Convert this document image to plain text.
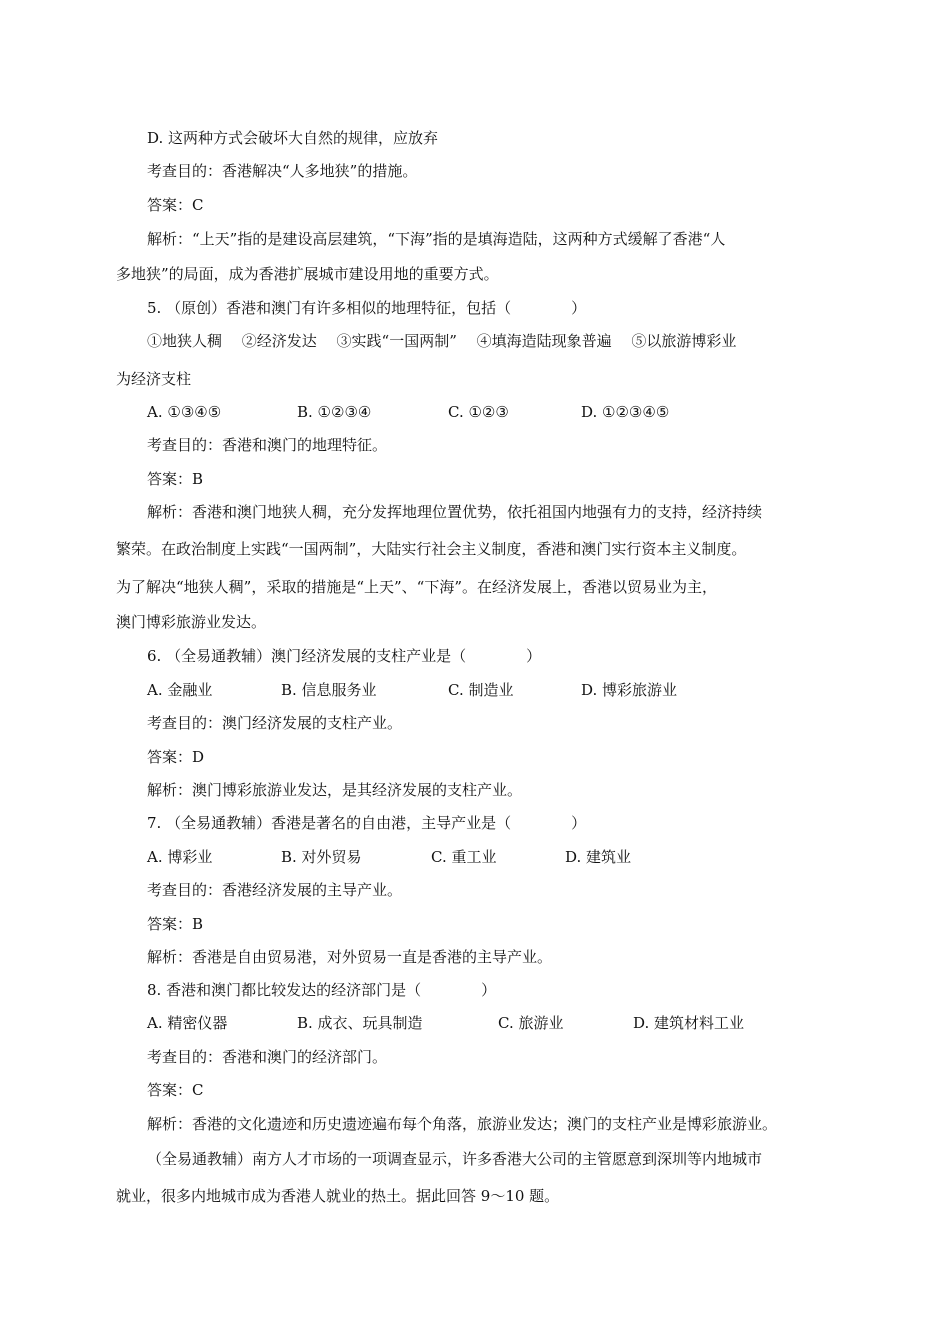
D. 这两种方式会破坏大自然的规律，应放弃
考查目的：香港解决“人多地狭”的措施。
答案：C
解析：“上天”指的是建设高层建筑，“下海”指的是填海造陆，这两种方式缓解了香港“人
多地狭”的局面，成为香港扩展城市建设用地的重要方式。
5. （原创）香港和澳门有许多相似的地理特征，包括（　　　　）
①地狭人稠　 ②经济发达　 ③实践“一国两制”　 ④填海造陆现象普遍　 ⑤以旅游博彩业
为经济支柱
A. ①③④⑤	B. ①②③④	C. ①②③	D. ①②③④⑤
考查目的：香港和澳门的地理特征。
答案：B
解析：香港和澳门地狭人稠，充分发挥地理位置优势，依托祖国内地强有力的支持，经济持续
繁荣。在政治制度上实践“一国两制”，大陆实行社会主义制度，香港和澳门实行资本主义制度。
为了解决“地狭人稠”，采取的措施是“上天”、“下海”。在经济发展上，香港以贸易业为主，
澳门博彩旅游业发达。
6. （全易通教辅）澳门经济发展的支柱产业是（　　　　）
A. 金融业	B. 信息服务业	C. 制造业	D. 博彩旅游业
考查目的：澳门经济发展的支柱产业。
答案：D
解析：澳门博彩旅游业发达，是其经济发展的支柱产业。
7. （全易通教辅）香港是著名的自由港，主导产业是（　　　　）
A. 博彩业	B. 对外贸易	C. 重工业	D. 建筑业
考查目的：香港经济发展的主导产业。
答案：B
解析：香港是自由贸易港，对外贸易一直是香港的主导产业。
8. 香港和澳门都比较发达的经济部门是（　　　　）
A. 精密仪器	B. 成衣、玩具制造	C. 旅游业	D. 建筑材料工业
考查目的：香港和澳门的经济部门。
答案：C
解析：香港的文化遗迹和历史遗迹遍布每个角落，旅游业发达；澳门的支柱产业是博彩旅游业。
（全易通教辅）南方人才市场的一项调查显示，许多香港大公司的主管愿意到深圳等内地城市
就业，很多内地城市成为香港人就业的热土。据此回答 9～10 题。
